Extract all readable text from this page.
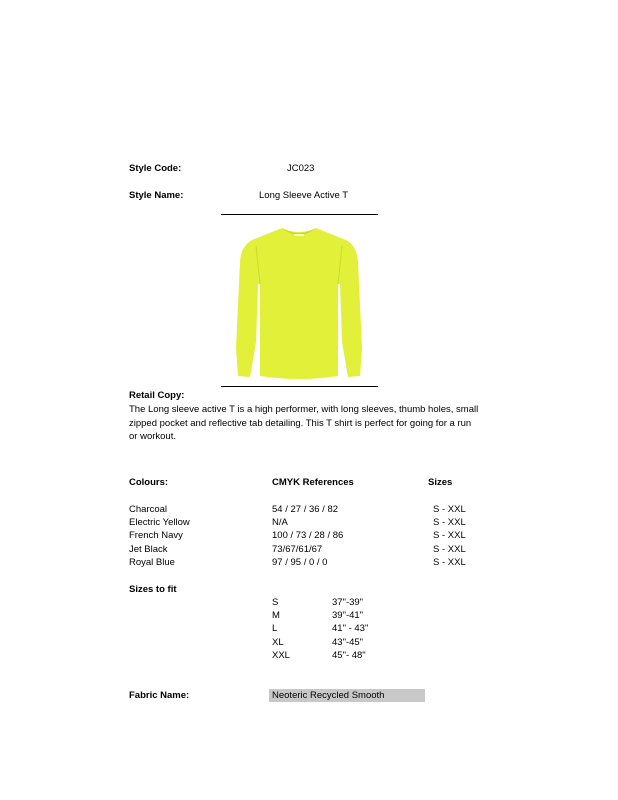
Style Code:	JC023
Style Name:	Long Sleeve Active T
Retail Copy:
The Long sleeve active T is a high performer, with long sleeves, thumb holes, small zipped pocket and reflective tab detailing. This T shirt is perfect for going for a run or workout.
Colours:	CMYK References	Sizes
Charcoal	54 / 27 / 36 / 82	S - XXL
Electric Yellow	N/A	S - XXL
French Navy	100 / 73 / 28 / 86	S - XXL
Jet Black	73/67/61/67	S - XXL
Royal Blue	97 / 95 / 0 / 0	S - XXL
Sizes to fit
S	37"-39"
M	39"-41"
L	41" - 43"
XL	43"-45"
XXL	45"- 48"
Fabric Name:	Neoteric Recycled Smooth
